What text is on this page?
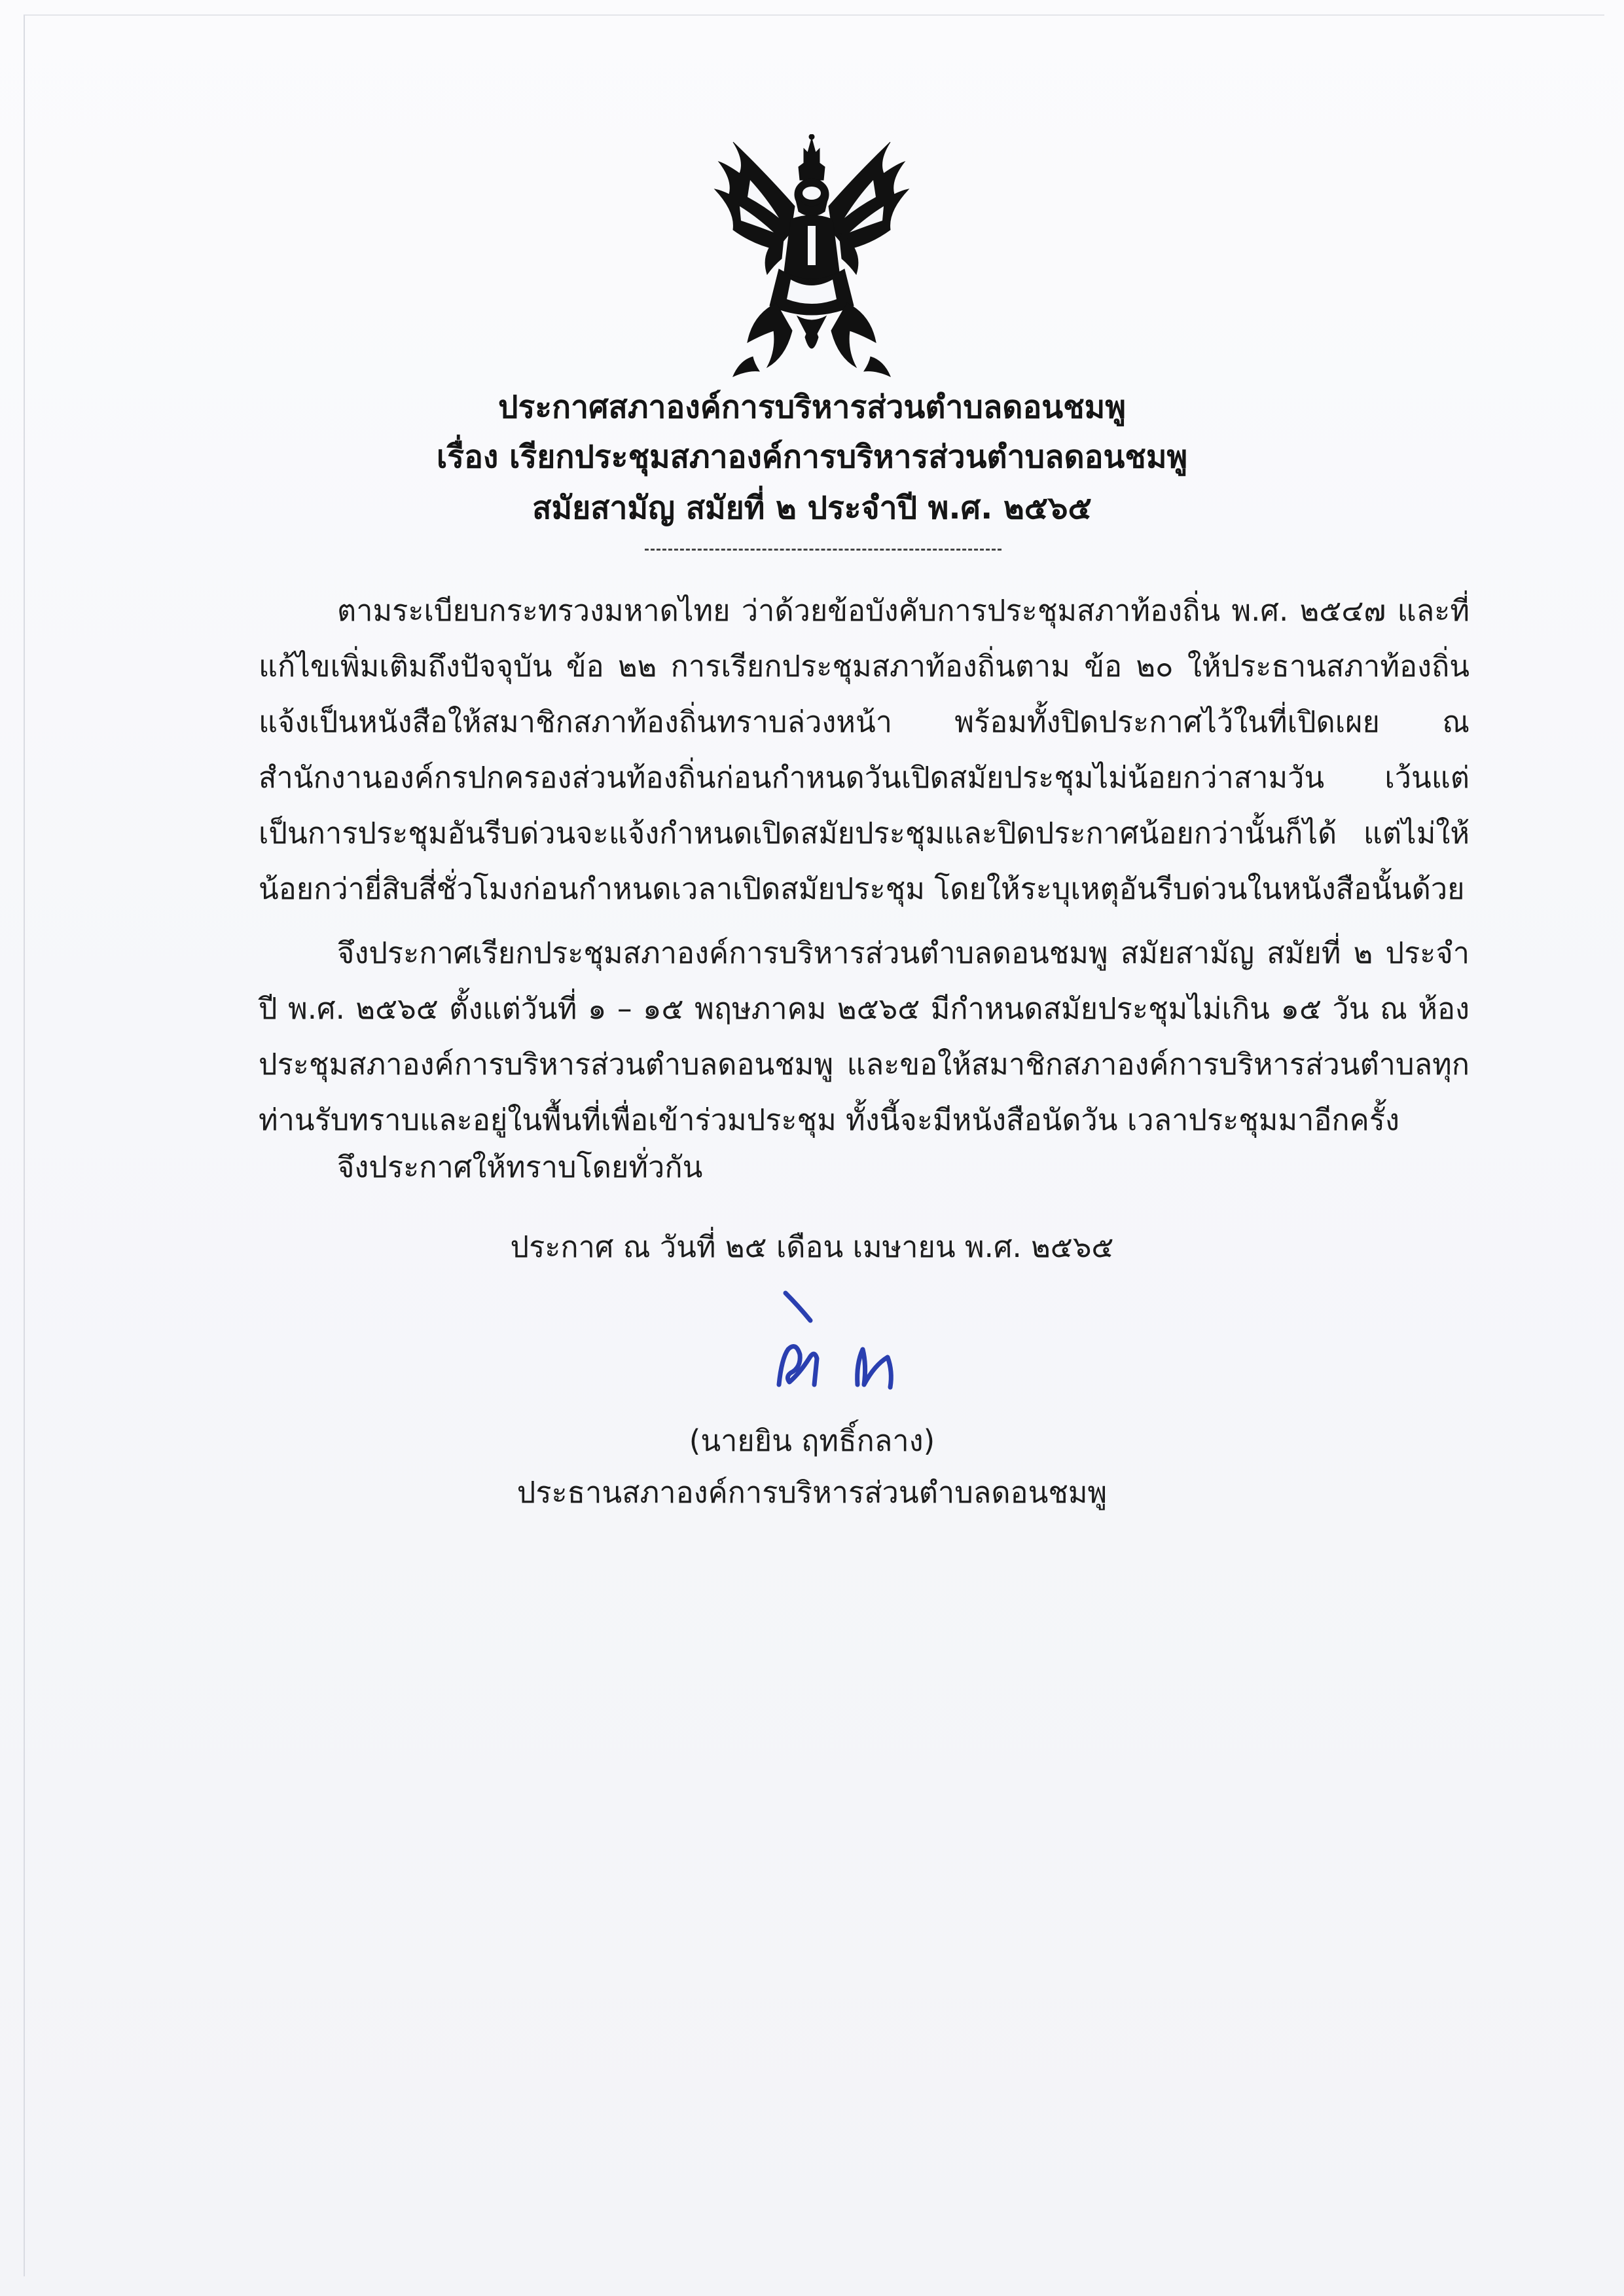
ประกาศสภาองค์การบริหารส่วนตำบลดอนชมพู
เรื่อง เรียกประชุมสภาองค์การบริหารส่วนตำบลดอนชมพู
สมัยสามัญ สมัยที่ ๒ ประจำปี พ.ศ. ๒๕๖๕

ตามระเบียบกระทรวงมหาดไทย ว่าด้วยข้อบังคับการประชุมสภาท้องถิ่น พ.ศ. ๒๕๔๗ และที่แก้ไขเพิ่มเติมถึงปัจจุบัน ข้อ ๒๒ การเรียกประชุมสภาท้องถิ่นตาม ข้อ ๒๐ ให้ประธานสภาท้องถิ่นแจ้งเป็นหนังสือให้สมาชิกสภาท้องถิ่นทราบล่วงหน้า พร้อมทั้งปิดประกาศไว้ในที่เปิดเผย ณ สำนักงานองค์กรปกครองส่วนท้องถิ่นก่อนกำหนดวันเปิดสมัยประชุมไม่น้อยกว่าสามวัน เว้นแต่เป็นการประชุมอันรีบด่วนจะแจ้งกำหนดเปิดสมัยประชุมและปิดประกาศน้อยกว่านั้นก็ได้ แต่ไม่ให้น้อยกว่ายี่สิบสี่ชั่วโมงก่อนกำหนดเวลาเปิดสมัยประชุม โดยให้ระบุเหตุอันรีบด่วนในหนังสือนั้นด้วย

จึงประกาศเรียกประชุมสภาองค์การบริหารส่วนตำบลดอนชมพู สมัยสามัญ สมัยที่ ๒ ประจำปี พ.ศ. ๒๕๖๕ ตั้งแต่วันที่ ๑ – ๑๕ พฤษภาคม ๒๕๖๕ มีกำหนดสมัยประชุมไม่เกิน ๑๕ วัน ณ ห้องประชุมสภาองค์การบริหารส่วนตำบลดอนชมพู และขอให้สมาชิกสภาองค์การบริหารส่วนตำบลทุกท่านรับทราบและอยู่ในพื้นที่เพื่อเข้าร่วมประชุม ทั้งนี้จะมีหนังสือนัดวัน เวลาประชุมมาอีกครั้ง

จึงประกาศให้ทราบโดยทั่วกัน

ประกาศ ณ วันที่ ๒๕ เดือน เมษายน พ.ศ. ๒๕๖๕
(นายยิน ฤทธิ์กลาง)
ประธานสภาองค์การบริหารส่วนตำบลดอนชมพู
